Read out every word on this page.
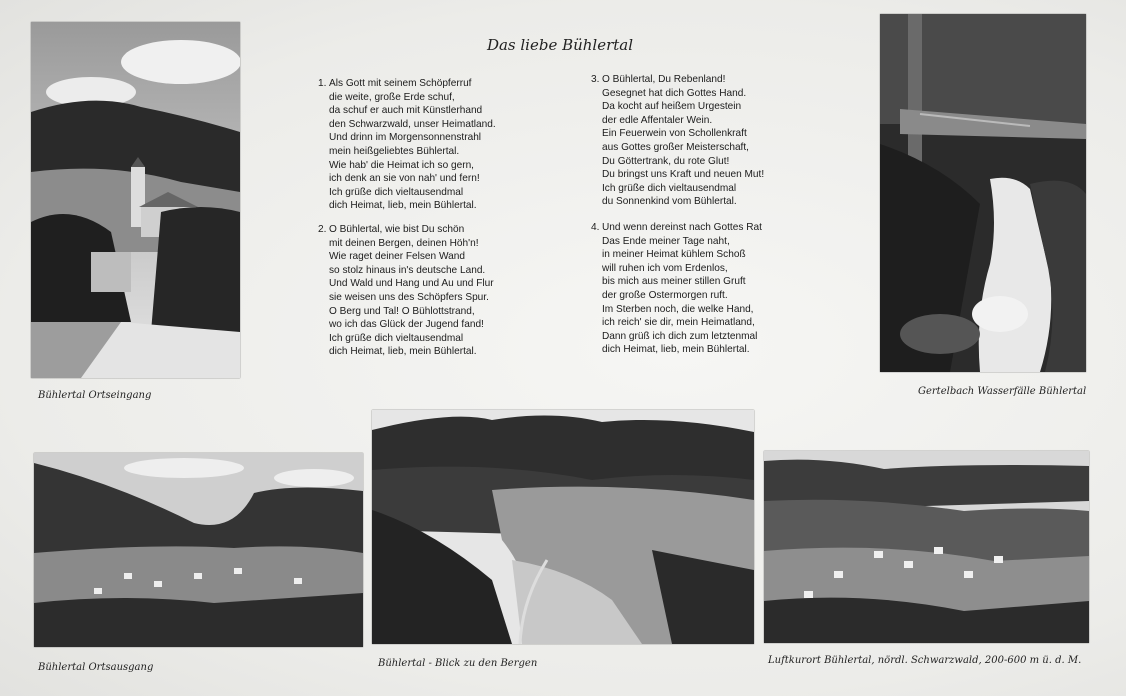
Bühlertal Ortseingang	Gertelbach Wasserfälle Bühlertal
Bühlertal Ortsausgang	Bühlertal - Blick zu den Bergen	Luftkurort Bühlertal, nördl. Schwarzwald, 200-600 m ü. d. M.
Das liebe Bühlertal
1. Als Gott mit seinem Schöpferruf
die weite, große Erde schuf,
da schuf er auch mit Künstlerhand
den Schwarzwald, unser Heimatland.
Und drinn im Morgensonnenstrahl
mein heißgeliebtes Bühlertal.
Wie hab' die Heimat ich so gern,
ich denk an sie von nah' und fern!
Ich grüße dich vieltausendmal
dich Heimat, lieb, mein Bühlertal.
2. O Bühlertal, wie bist Du schön
mit deinen Bergen, deinen Höh'n!
Wie raget deiner Felsen Wand
so stolz hinaus in's deutsche Land.
Und Wald und Hang und Au und Flur
sie weisen uns des Schöpfers Spur.
O Berg und Tal! O Bühlottstrand,
wo ich das Glück der Jugend fand!
Ich grüße dich vieltausendmal
dich Heimat, lieb, mein Bühlertal.
3. O Bühlertal, Du Rebenland!
Gesegnet hat dich Gottes Hand.
Da kocht auf heißem Urgestein
der edle Affentaler Wein.
Ein Feuerwein von Schollenkraft
aus Gottes großer Meisterschaft,
Du Göttertrank, du rote Glut!
Du bringst uns Kraft und neuen Mut!
Ich grüße dich vieltausendmal
du Sonnenkind vom Bühlertal.
4. Und wenn dereinst nach Gottes Rat
Das Ende meiner Tage naht,
in meiner Heimat kühlem Schoß
will ruhen ich vom Erdenlos,
bis mich aus meiner stillen Gruft
der große Ostermorgen ruft.
Im Sterben noch, die welke Hand,
ich reich' sie dir, mein Heimatland,
Dann grüß ich dich zum letztenmal
dich Heimat, lieb, mein Bühlertal.
